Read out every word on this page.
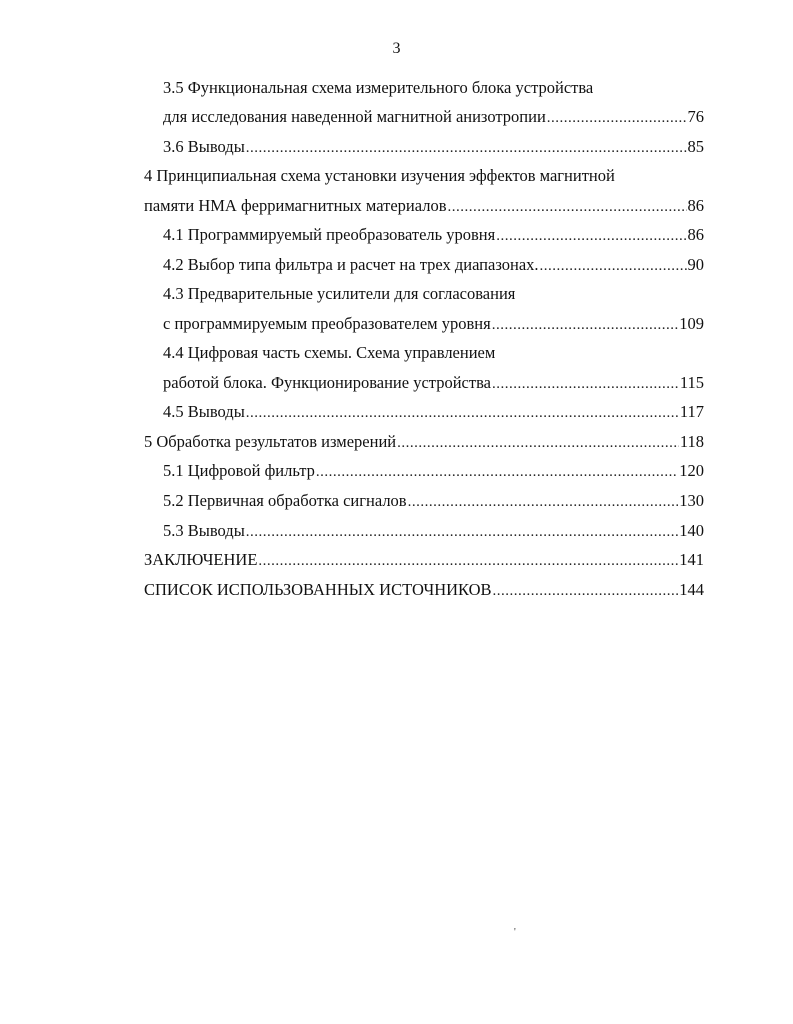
3
3.5 Функциональная схема измерительного блока устройства
для исследования наведенной магнитной анизотропии .....	76
3.6 Выводы .....	85
4 Принципиальная схема установки изучения эффектов магнитной
памяти НМА ферримагнитных материалов .....	86
4.1 Программируемый преобразователь уровня .....	86
4.2 Выбор типа фильтра и расчет на трех диапазонах. .....	90
4.3 Предварительные усилители для согласования
с программируемым преобразователем уровня .....	109
4.4 Цифровая часть схемы. Схема управлением
работой блока. Функционирование устройства .....	115
4.5 Выводы .....	117
5 Обработка результатов измерений .....	118
5.1 Цифровой фильтр .....	120
5.2 Первичная обработка сигналов .....	130
5.3 Выводы .....	140
ЗАКЛЮЧЕНИЕ .....	141
СПИСОК ИСПОЛЬЗОВАННЫХ ИСТОЧНИКОВ .....	144
'
